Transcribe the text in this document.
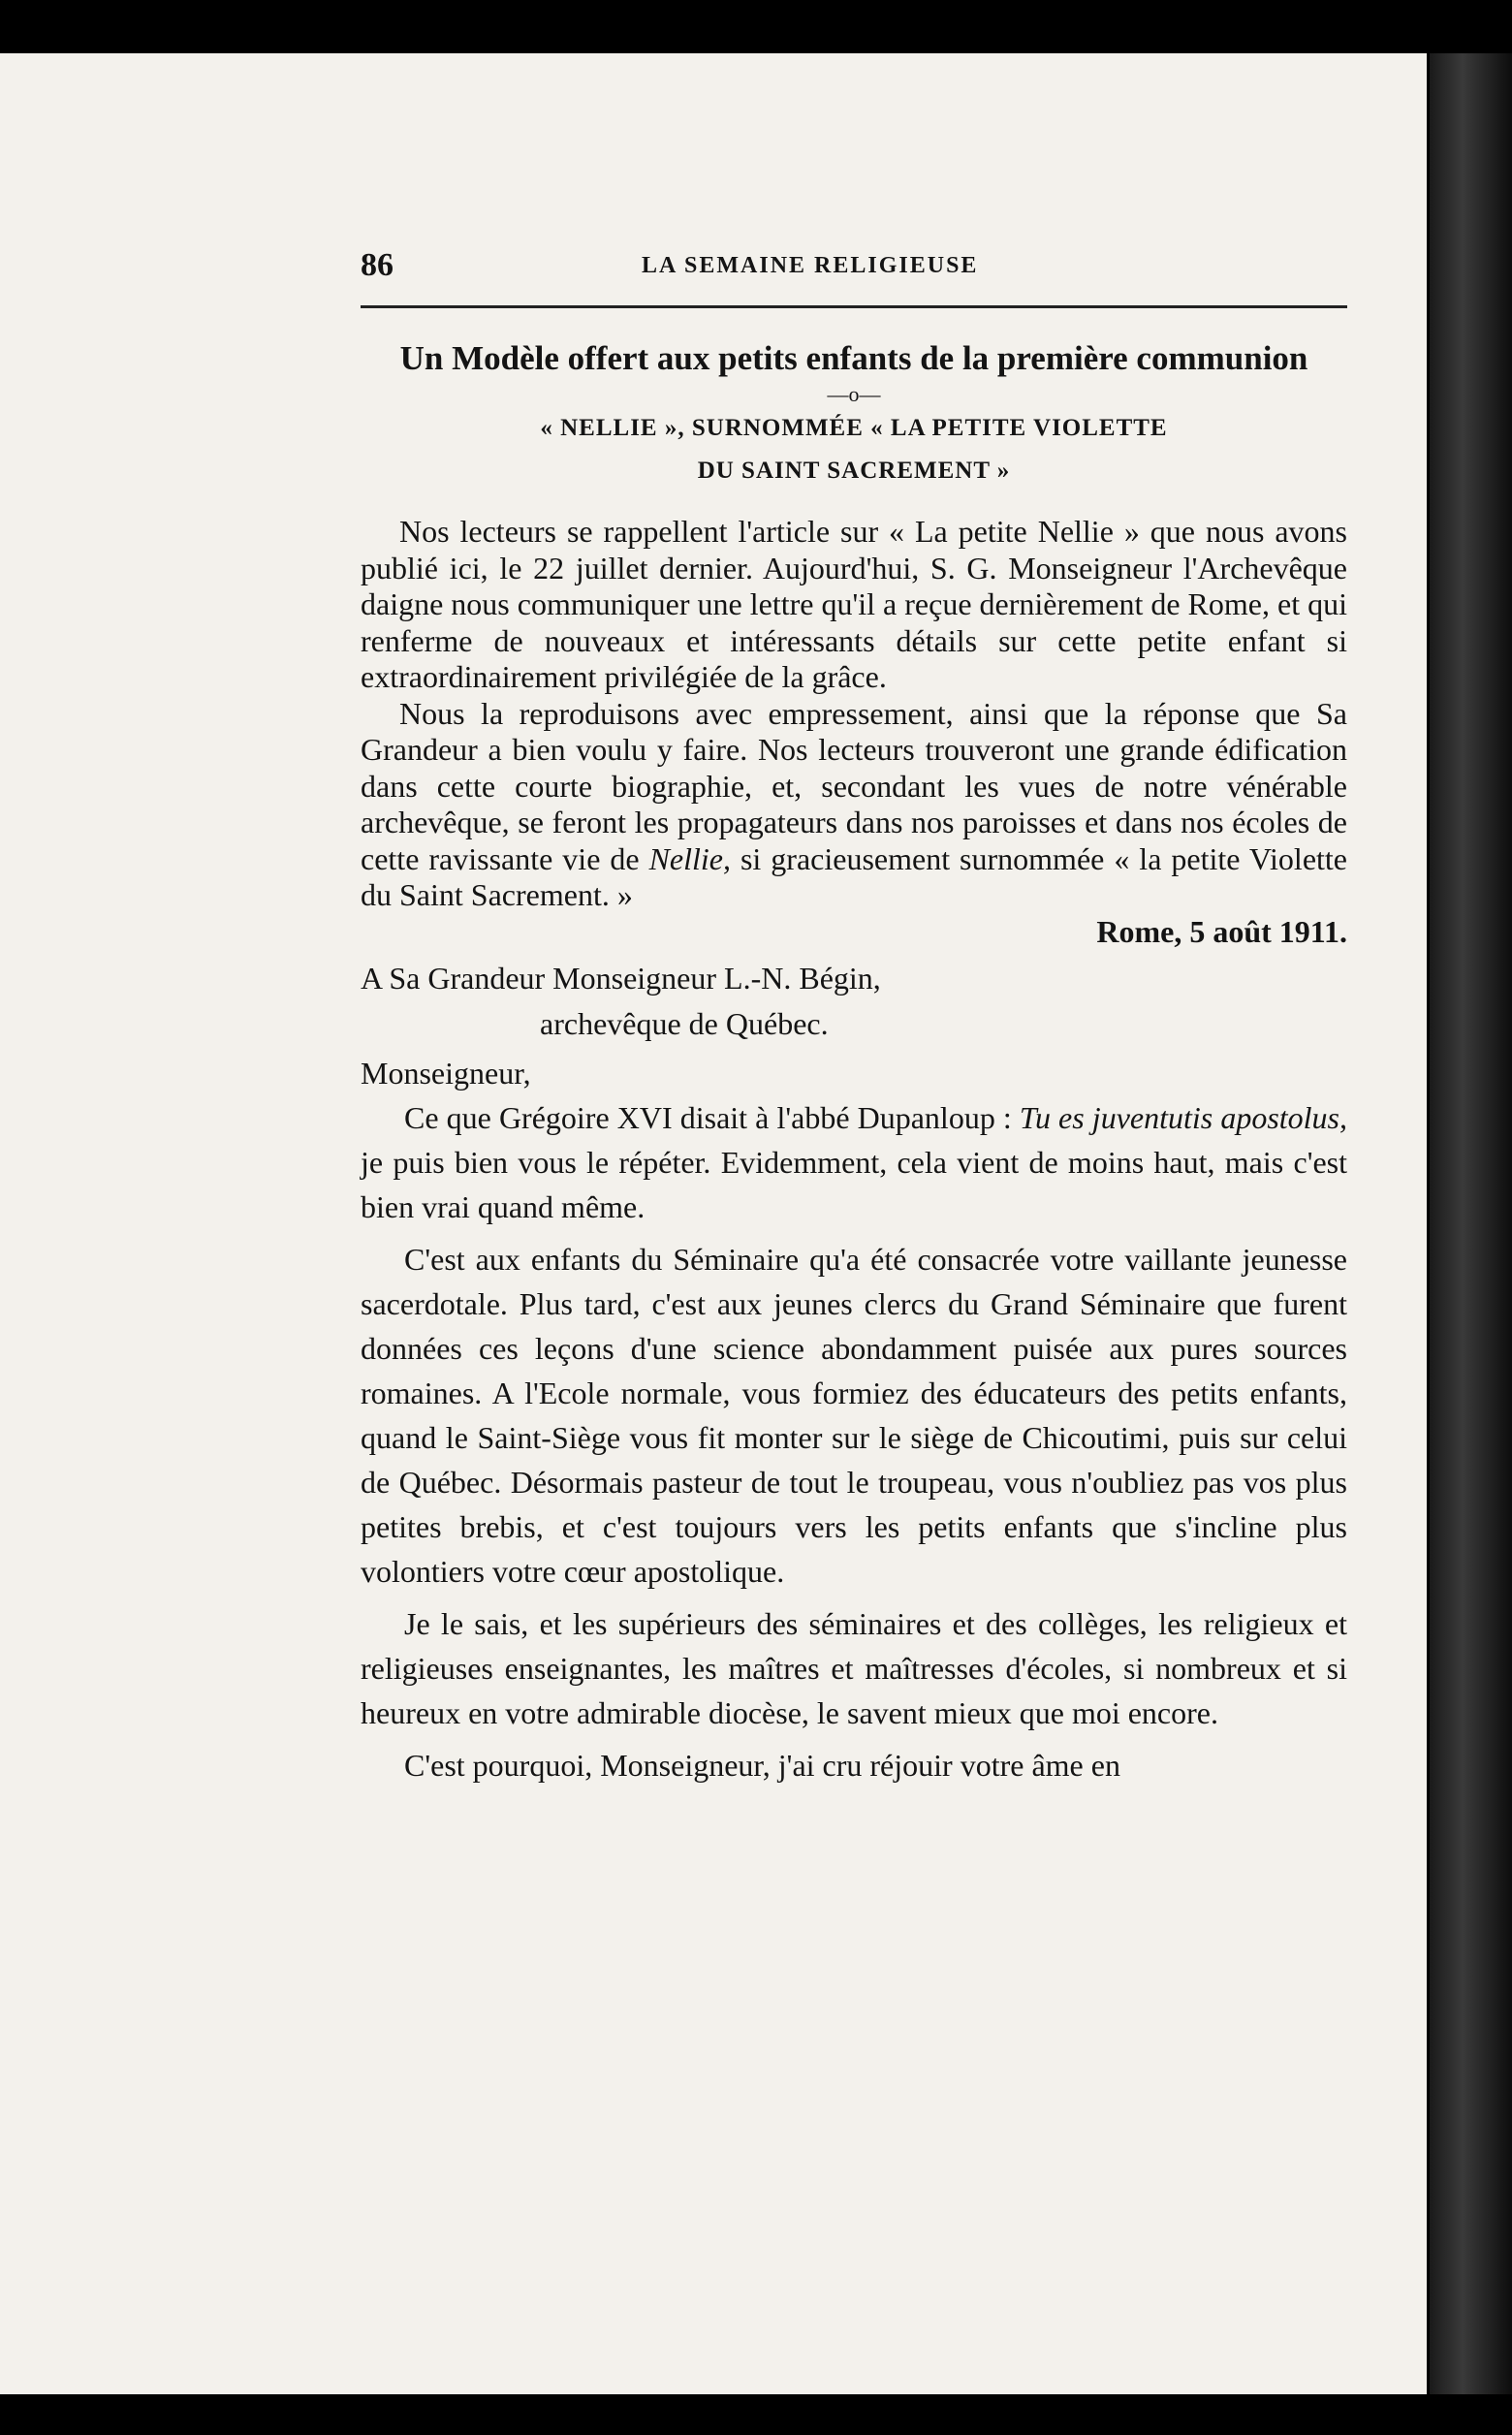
86	LA SEMAINE RELIGIEUSE
Un Modèle offert aux petits enfants de la première communion
—o—
« NELLIE », SURNOMMÉE « LA PETITE VIOLETTE
DU SAINT SACREMENT »

Nos lecteurs se rappellent l'article sur « La petite Nellie » que nous avons publié ici, le 22 juillet dernier. Aujourd'hui, S. G. Monseigneur l'Archevêque daigne nous communiquer une lettre qu'il a reçue dernièrement de Rome, et qui renferme de nouveaux et intéressants détails sur cette petite enfant si extraordinairement privilégiée de la grâce.

Nous la reproduisons avec empressement, ainsi que la réponse que Sa Grandeur a bien voulu y faire. Nos lecteurs trouveront une grande édification dans cette courte biographie, et, secondant les vues de notre vénérable archevêque, se feront les propagateurs dans nos paroisses et dans nos écoles de cette ravissante vie de Nellie, si gracieusement surnommée « la petite Violette du Saint Sacrement. »

Rome, 5 août 1911.
A Sa Grandeur Monseigneur L.-N. Bégin,
archevêque de Québec.
Monseigneur,

Ce que Grégoire XVI disait à l'abbé Dupanloup : Tu es juventutis apostolus, je puis bien vous le répéter. Evidemment, cela vient de moins haut, mais c'est bien vrai quand même.

C'est aux enfants du Séminaire qu'a été consacrée votre vaillante jeunesse sacerdotale. Plus tard, c'est aux jeunes clercs du Grand Séminaire que furent données ces leçons d'une science abondamment puisée aux pures sources romaines. A l'Ecole normale, vous formiez des éducateurs des petits enfants, quand le Saint-Siège vous fit monter sur le siège de Chicoutimi, puis sur celui de Québec. Désormais pasteur de tout le troupeau, vous n'oubliez pas vos plus petites brebis, et c'est toujours vers les petits enfants que s'incline plus volontiers votre cœur apostolique.

Je le sais, et les supérieurs des séminaires et des collèges, les religieux et religieuses enseignantes, les maîtres et maîtresses d'écoles, si nombreux et si heureux en votre admirable diocèse, le savent mieux que moi encore.

C'est pourquoi, Monseigneur, j'ai cru réjouir votre âme en
